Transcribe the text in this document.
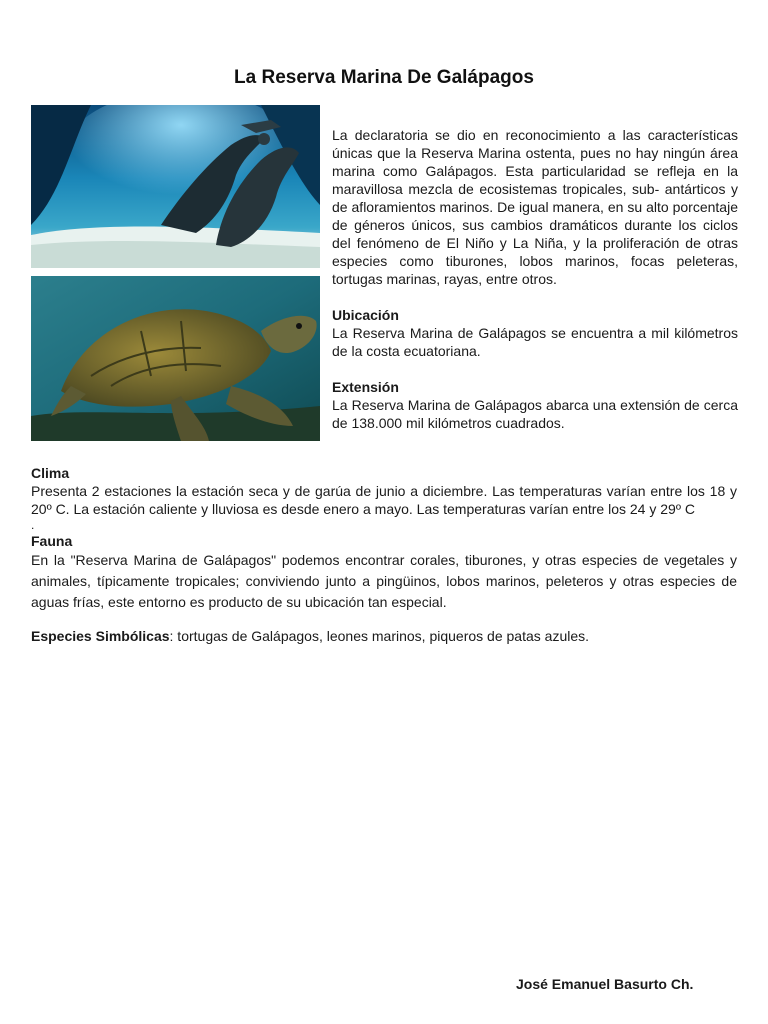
La Reserva Marina De Galápagos

La declaratoria se dio en reconocimiento a las características únicas que la Reserva Marina ostenta, pues no hay ningún área marina como Galápagos. Esta particularidad se refleja en la maravillosa mezcla de ecosistemas tropicales, sub- antárticos y de afloramientos marinos. De igual manera, en su alto porcentaje de géneros únicos, sus cambios dramáticos durante los ciclos del fenómeno de El Niño y La Niña, y la proliferación de otras especies como tiburones, lobos marinos, focas peleteras, tortugas marinas, rayas, entre otros.

Ubicación

La Reserva Marina de Galápagos se encuentra a mil kilómetros de la costa ecuatoriana.

Extensión

La Reserva Marina de Galápagos abarca una extensión de cerca de 138.000 mil kilómetros cuadrados.

Clima

Presenta 2 estaciones la estación seca y de garúa de junio a diciembre. Las temperaturas varían entre los 18 y 20º C. La estación caliente y lluviosa es desde enero a mayo. Las temperaturas varían entre los 24 y 29º C

.

Fauna

En la "Reserva Marina de Galápagos" podemos encontrar corales, tiburones, y otras especies de vegetales y animales, típicamente tropicales; conviviendo junto a pingüinos, lobos marinos, peleteros y otras especies de aguas frías, este entorno es producto de su ubicación tan especial.

Especies Simbólicas: tortugas de Galápagos, leones marinos, piqueros de patas azules.

José Emanuel Basurto Ch.
